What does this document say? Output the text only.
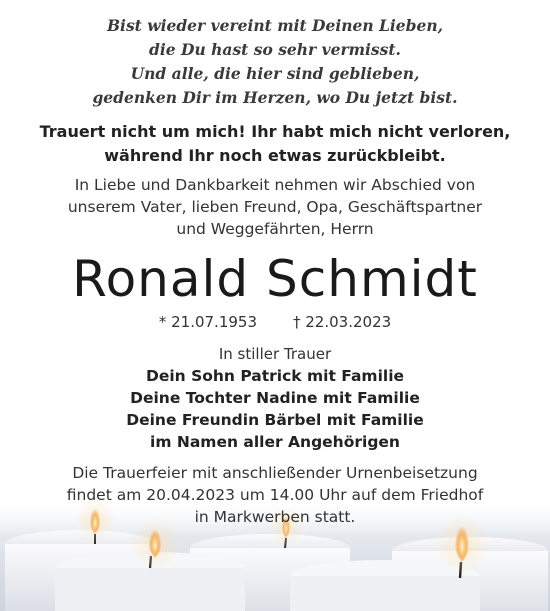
Bist wieder vereint mit Deinen Lieben,
die Du hast so sehr vermisst.
Und alle, die hier sind geblieben,
gedenken Dir im Herzen, wo Du jetzt bist.
Trauert nicht um mich! Ihr habt mich nicht verloren,
während Ihr noch etwas zurückbleibt.
In Liebe und Dankbarkeit nehmen wir Abschied von
unserem Vater, lieben Freund, Opa, Geschäftspartner
und Weggefährten, Herrn
Ronald Schmidt
* 21.07.1953 † 22.03.2023
In stiller Trauer
Dein Sohn Patrick mit Familie
Deine Tochter Nadine mit Familie
Deine Freundin Bärbel mit Familie
im Namen aller Angehörigen
Die Trauerfeier mit anschließender Urnenbeisetzung
findet am 20.04.2023 um 14.00 Uhr auf dem Friedhof
in Markwerben statt.
